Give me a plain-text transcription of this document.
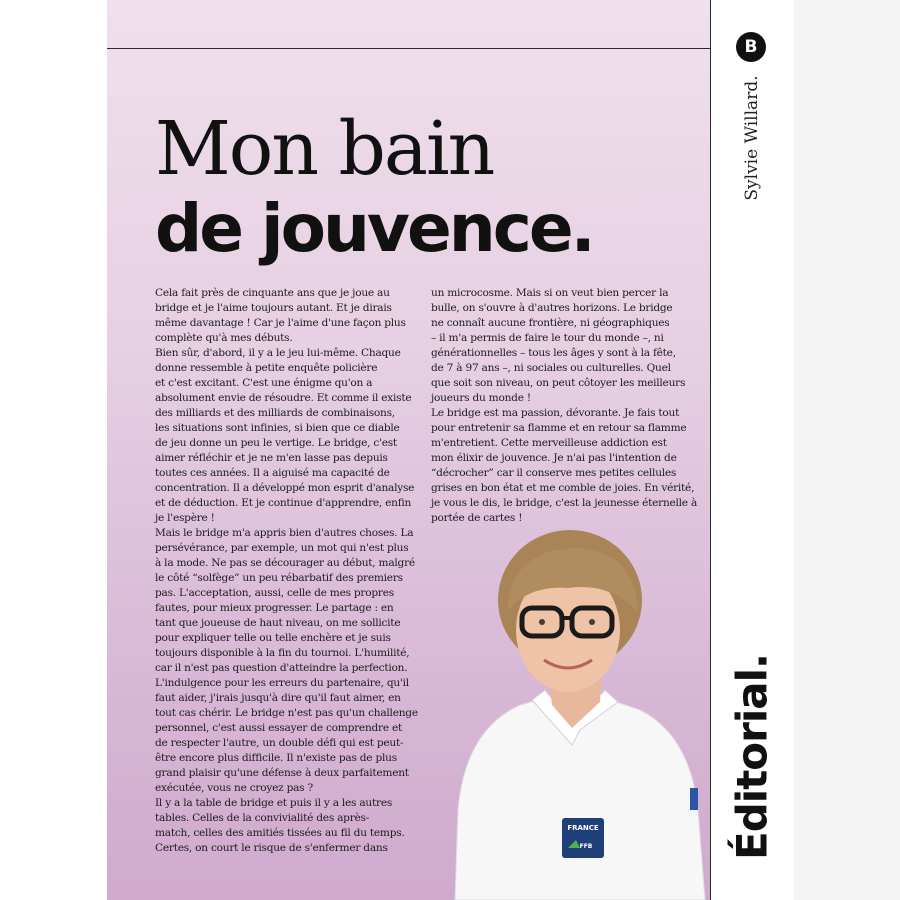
Mon bain
de jouvence.
Cela fait près de cinquante ans que je joue au
bridge et je l'aime toujours autant. Et je dirais
même davantage ! Car je l'aime d'une façon plus
complète qu'à mes débuts.
Bien sûr, d'abord, il y a le jeu lui-même. Chaque
donne ressemble à petite enquête policière
et c'est excitant. C'est une énigme qu'on a
absolument envie de résoudre. Et comme il existe
des milliards et des milliards de combinaisons,
les situations sont infinies, si bien que ce diable
de jeu donne un peu le vertige. Le bridge, c'est
aimer réfléchir et je ne m'en lasse pas depuis
toutes ces années. Il a aiguisé ma capacité de
concentration. Il a développé mon esprit d'analyse
et de déduction. Et je continue d'apprendre, enfin
je l'espère !
Mais le bridge m'a appris bien d'autres choses. La
persévérance, par exemple, un mot qui n'est plus
à la mode. Ne pas se décourager au début, malgré
le côté “solfège” un peu rébarbatif des premiers
pas. L'acceptation, aussi, celle de mes propres
fautes, pour mieux progresser. Le partage : en
tant que joueuse de haut niveau, on me sollicite
pour expliquer telle ou telle enchère et je suis
toujours disponible à la fin du tournoi. L'humilité,
car il n'est pas question d'atteindre la perfection.
L'indulgence pour les erreurs du partenaire, qu'il
faut aider, j'irais jusqu'à dire qu'il faut aimer, en
tout cas chérir. Le bridge n'est pas qu'un challenge
personnel, c'est aussi essayer de comprendre et
de respecter l'autre, un double défi qui est peut-
être encore plus difficile. Il n'existe pas de plus
grand plaisir qu'une défense à deux parfaitement
exécutée, vous ne croyez pas ?
Il y a la table de bridge et puis il y a les autres
tables. Celles de la convivialité des après-
match, celles des amitiés tissées au fil du temps.
Certes, on court le risque de s'enfermer dans
un microcosme. Mais si on veut bien percer la
bulle, on s'ouvre à d'autres horizons. Le bridge
ne connaît aucune frontière, ni géographiques
– il m'a permis de faire le tour du monde –, ni
générationnelles – tous les âges y sont à la fête,
de 7 à 97 ans –, ni sociales ou culturelles. Quel
que soit son niveau, on peut côtoyer les meilleurs
joueurs du monde !
Le bridge est ma passion, dévorante. Je fais tout
pour entretenir sa flamme et en retour sa flamme
m'entretient. Cette merveilleuse addiction est
mon élixir de jouvence. Je n'ai pas l'intention de
“décrocher” car il conserve mes petites cellules
grises en bon état et me comble de joies. En vérité,
je vous le dis, le bridge, c'est la jeunesse éternelle à
portée de cartes !
FRANCE
FFB
B
Sylvie Willard.
Éditorial.
